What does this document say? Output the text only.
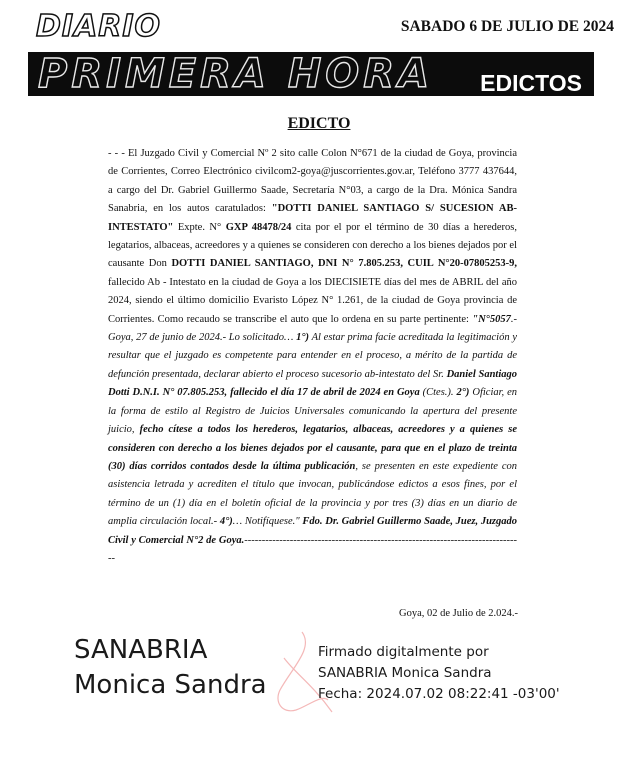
DIARIO	SABADO 6 DE JULIO DE 2024
PRIMERA HORA EDICTOS
EDICTO
- - - El Juzgado Civil y Comercial Nº 2 sito calle Colon N°671 de la ciudad de Goya, provincia de Corrientes, Correo Electrónico civilcom2-goya@juscorrientes.gov.ar, Teléfono 3777 437644, a cargo del Dr. Gabriel Guillermo Saade, Secretaría N°03, a cargo de la Dra. Mónica Sandra Sanabria, en los autos caratulados: "DOTTI DANIEL SANTIAGO S/ SUCESION AB-INTESTATO" Expte. N° GXP 48478/24 cita por el por el término de 30 días a herederos, legatarios, albaceas, acreedores y a quienes se consideren con derecho a los bienes dejados por el causante Don DOTTI DANIEL SANTIAGO, DNI N° 7.805.253, CUIL N°20-07805253-9, fallecido Ab - Intestato en la ciudad de Goya a los DIECISIETE días del mes de ABRIL del año 2024, siendo el último domicilio Evaristo López N° 1.261, de la ciudad de Goya provincia de Corrientes. Como recaudo se transcribe el auto que lo ordena en su parte pertinente: "N°5057.- Goya, 27 de junio de 2024.- Lo solicitado… 1°) Al estar prima facie acreditada la legitimación y resultar que el juzgado es competente para entender en el proceso, a mérito de la partida de defunción presentada, declarar abierto el proceso sucesorio ab-intestato del Sr. Daniel Santiago Dotti D.N.I. N° 07.805.253, fallecido el día 17 de abril de 2024 en Goya (Ctes.). 2°) Oficiar, en la forma de estilo al Registro de Juicios Universales comunicando la apertura del presente juicio, fecho cítese a todos los herederos, legatarios, albaceas, acreedores y a quienes se consideren con derecho a los bienes dejados por el causante, para que en el plazo de treinta (30) días corridos contados desde la última publicación, se presenten en este expediente con asistencia letrada y acrediten el título que invocan, publicándose edictos a esos fines, por el término de un (1) día en el boletín oficial de la provincia y por tres (3) días en un diario de amplia circulación local.- 4°)… Notifíquese." Fdo. Dr. Gabriel Guillermo Saade, Juez, Juzgado Civil y Comercial N°2 de Goya.--------------------------------------------------------------------------------
Goya, 02 de Julio de 2.024.-
SANABRIA
Monica Sandra
Firmado digitalmente por
SANABRIA Monica Sandra
Fecha: 2024.07.02 08:22:41 -03'00'
